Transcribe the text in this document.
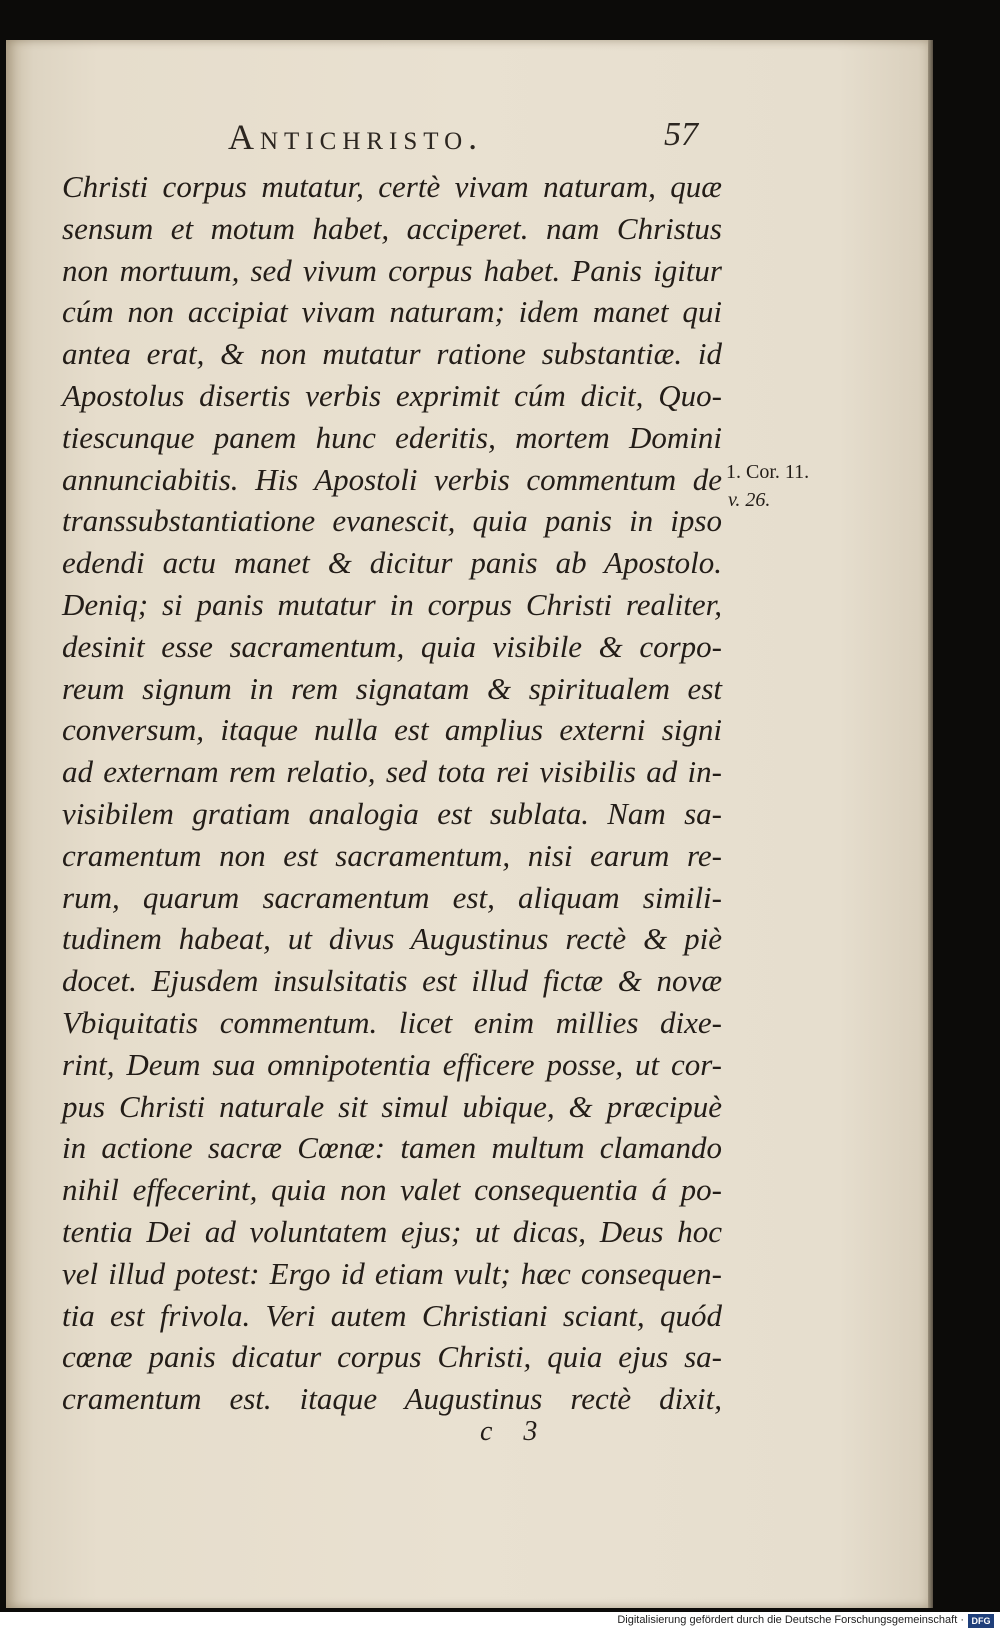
Antichristo.	57
Christi corpus mutatur, certè vivam naturam, quæ
sensum et motum habet, acciperet. nam Christus
non mortuum, sed vivum corpus habet. Panis igitur
cúm non accipiat vivam naturam; idem manet qui
antea erat, & non mutatur ratione substantiæ. id
Apostolus disertis verbis exprimit cúm dicit, Quo-
tiescunque panem hunc ederitis, mortem Domini
annunciabitis. His Apostoli verbis commentum de
transsubstantiatione evanescit, quia panis in ipso
edendi actu manet & dicitur panis ab Apostolo.
Deniq; si panis mutatur in corpus Christi realiter,
desinit esse sacramentum, quia visibile & corpo-
reum signum in rem signatam & spiritualem est
conversum, itaque nulla est amplius externi signi
ad externam rem relatio, sed tota rei visibilis ad in-
visibilem gratiam analogia est sublata. Nam sa-
cramentum non est sacramentum, nisi earum re-
rum, quarum sacramentum est, aliquam simili-
tudinem habeat, ut divus Augustinus rectè & piè
docet. Ejusdem insulsitatis est illud fictæ & novæ
Vbiquitatis commentum. licet enim millies dixe-
rint, Deum sua omnipotentia efficere posse, ut cor-
pus Christi naturale sit simul ubique, & præcipuè
in actione sacræ Cœnæ: tamen multum clamando
nihil effecerint, quia non valet consequentia á po-
tentia Dei ad voluntatem ejus; ut dicas, Deus hoc
vel illud potest: Ergo id etiam vult; hæc consequen-
tia est frivola. Veri autem Christiani sciant, quód
cœnæ panis dicatur corpus Christi, quia ejus sa-
cramentum est. itaque Augustinus rectè dixit,
1. Cor. 11.
v. 26.
c 3
Digitalisierung gefördert durch die Deutsche Forschungsgemeinschaft · DFG
